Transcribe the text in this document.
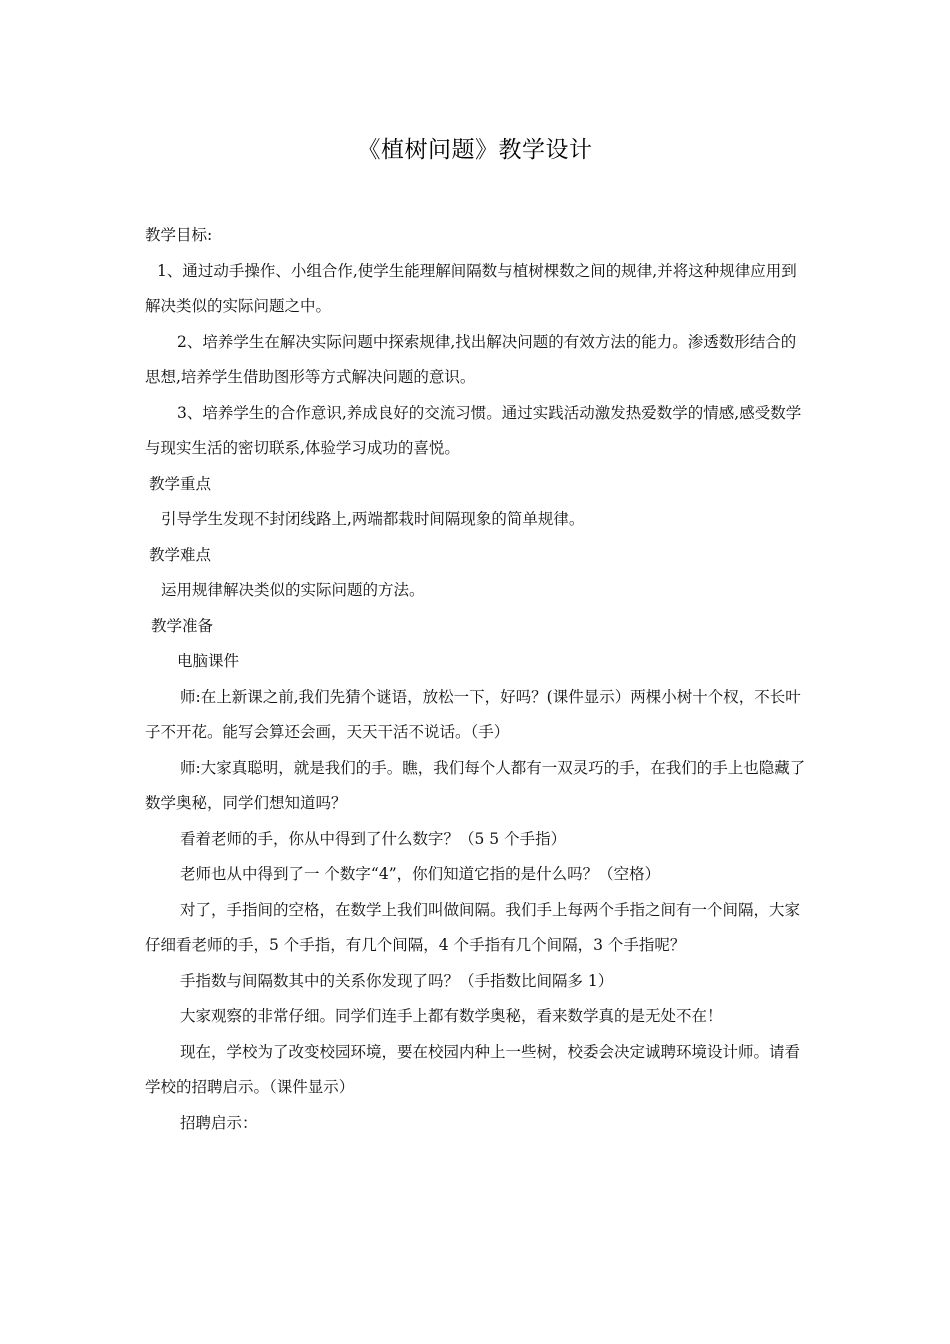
《植树问题》教学设计

教学目标:

1、通过动手操作、小组合作,使学生能理解间隔数与植树棵数之间的规律,并将这种规律应用到解决类似的实际问题之中。

2、培养学生在解决实际问题中探索规律,找出解决问题的有效方法的能力。渗透数形结合的思想,培养学生借助图形等方式解决问题的意识。

3、培养学生的合作意识,养成良好的交流习惯。通过实践活动激发热爱数学的情感,感受数学与现实生活的密切联系,体验学习成功的喜悦。

教学重点

引导学生发现不封闭线路上,两端都栽时间隔现象的简单规律。

教学难点

运用规律解决类似的实际问题的方法。

教学准备

电脑课件

师:在上新课之前,我们先猜个谜语，放松一下，好吗？(课件显示）两棵小树十个杈，不长叶子不开花。能写会算还会画，天天干活不说话。（手）

师:大家真聪明，就是我们的手。瞧，我们每个人都有一双灵巧的手，在我们的手上也隐藏了数学奥秘，同学们想知道吗？

看着老师的手，你从中得到了什么数字？（5 5 个手指）

老师也从中得到了一 个数字“4”，你们知道它指的是什么吗？（空格）

对了，手指间的空格，在数学上我们叫做间隔。我们手上每两个手指之间有一个间隔，大家仔细看老师的手，5 个手指，有几个间隔，4 个手指有几个间隔，3 个手指呢？

手指数与间隔数其中的关系你发现了吗？（手指数比间隔多 1）

大家观察的非常仔细。同学们连手上都有数学奥秘，看来数学真的是无处不在！

现在，学校为了改变校园环境，要在校园内种上一些树，校委会决定诚聘环境设计师。请看学校的招聘启示。（课件显示）

招聘启示：
